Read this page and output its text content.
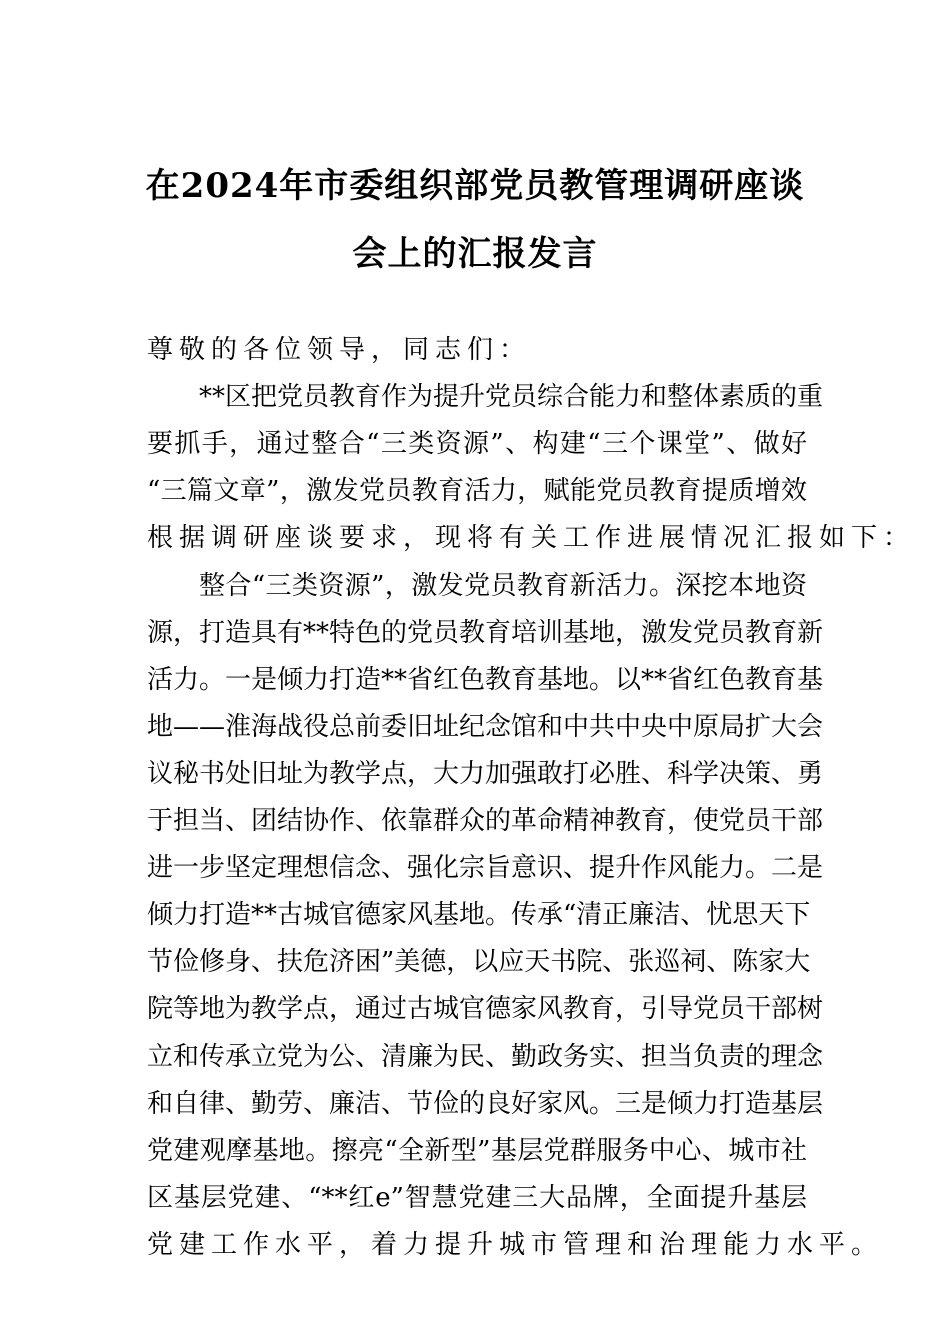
在2024年市委组织部党员教管理调研座谈
会上的汇报发言
尊敬的各位领导，同志们：
**区把党员教育作为提升党员综合能力和整体素质的重
要抓手，通过整合“三类资源”、构建“三个课堂”、做好
“三篇文章”，激发党员教育活力，赋能党员教育提质增效
根据调研座谈要求，现将有关工作进展情况汇报如下：
整合“三类资源”，激发党员教育新活力。深挖本地资
源，打造具有**特色的党员教育培训基地，激发党员教育新
活力。一是倾力打造**省红色教育基地。以**省红色教育基
地——淮海战役总前委旧址纪念馆和中共中央中原局扩大会
议秘书处旧址为教学点，大力加强敢打必胜、科学决策、勇
于担当、团结协作、依靠群众的革命精神教育，使党员干部
进一步坚定理想信念、强化宗旨意识、提升作风能力。二是
倾力打造**古城官德家风基地。传承“清正廉洁、忧思天下
节俭修身、扶危济困”美德，以应天书院、张巡祠、陈家大
院等地为教学点，通过古城官德家风教育，引导党员干部树
立和传承立党为公、清廉为民、勤政务实、担当负责的理念
和自律、勤劳、廉洁、节俭的良好家风。三是倾力打造基层
党建观摩基地。擦亮“全新型”基层党群服务中心、城市社
区基层党建、“**红e”智慧党建三大品牌，全面提升基层
党建工作水平，着力提升城市管理和治理能力水平。
